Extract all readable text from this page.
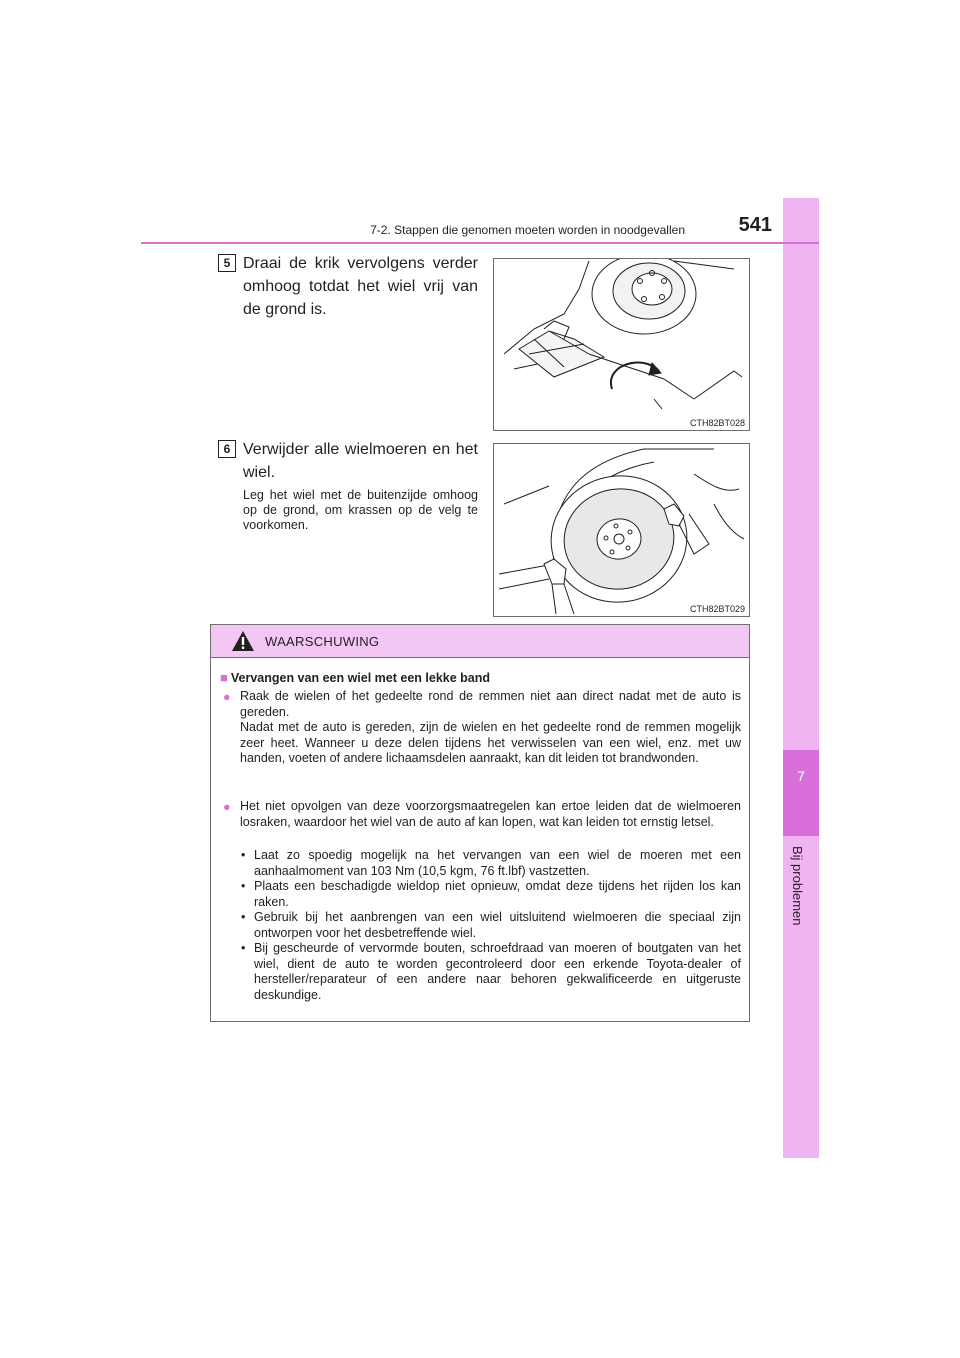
7
Bij problemen
7-2. Stappen die genomen moeten worden in noodgevallen	541
5 Draai de krik vervolgens verder omhoog totdat het wiel vrij van de grond is.
CTH82BT028
6 Verwijder alle wielmoeren en het wiel.
Leg het wiel met de buitenzijde omhoog op de grond, om krassen op de velg te voorkomen.
CTH82BT029
WAARSCHUWING
■ Vervangen van een wiel met een lekke band
● Raak de wielen of het gedeelte rond de remmen niet aan direct nadat met de auto is gereden.
Nadat met de auto is gereden, zijn de wielen en het gedeelte rond de remmen mogelijk zeer heet. Wanneer u deze delen tijdens het verwisselen van een wiel, enz. met uw handen, voeten of andere lichaamsdelen aanraakt, kan dit leiden tot brandwonden.
● Het niet opvolgen van deze voorzorgsmaatregelen kan ertoe leiden dat de wielmoeren losraken, waardoor het wiel van de auto af kan lopen, wat kan leiden tot ernstig letsel.
• Laat zo spoedig mogelijk na het vervangen van een wiel de moeren met een aanhaalmoment van 103 Nm (10,5 kgm, 76 ft.lbf) vastzetten.
• Plaats een beschadigde wieldop niet opnieuw, omdat deze tijdens het rijden los kan raken.
• Gebruik bij het aanbrengen van een wiel uitsluitend wielmoeren die speciaal zijn ontworpen voor het desbetreffende wiel.
• Bij gescheurde of vervormde bouten, schroefdraad van moeren of boutgaten van het wiel, dient de auto te worden gecontroleerd door een erkende Toyota-dealer of hersteller/reparateur of een andere naar behoren gekwalificeerde en uitgeruste deskundige.
